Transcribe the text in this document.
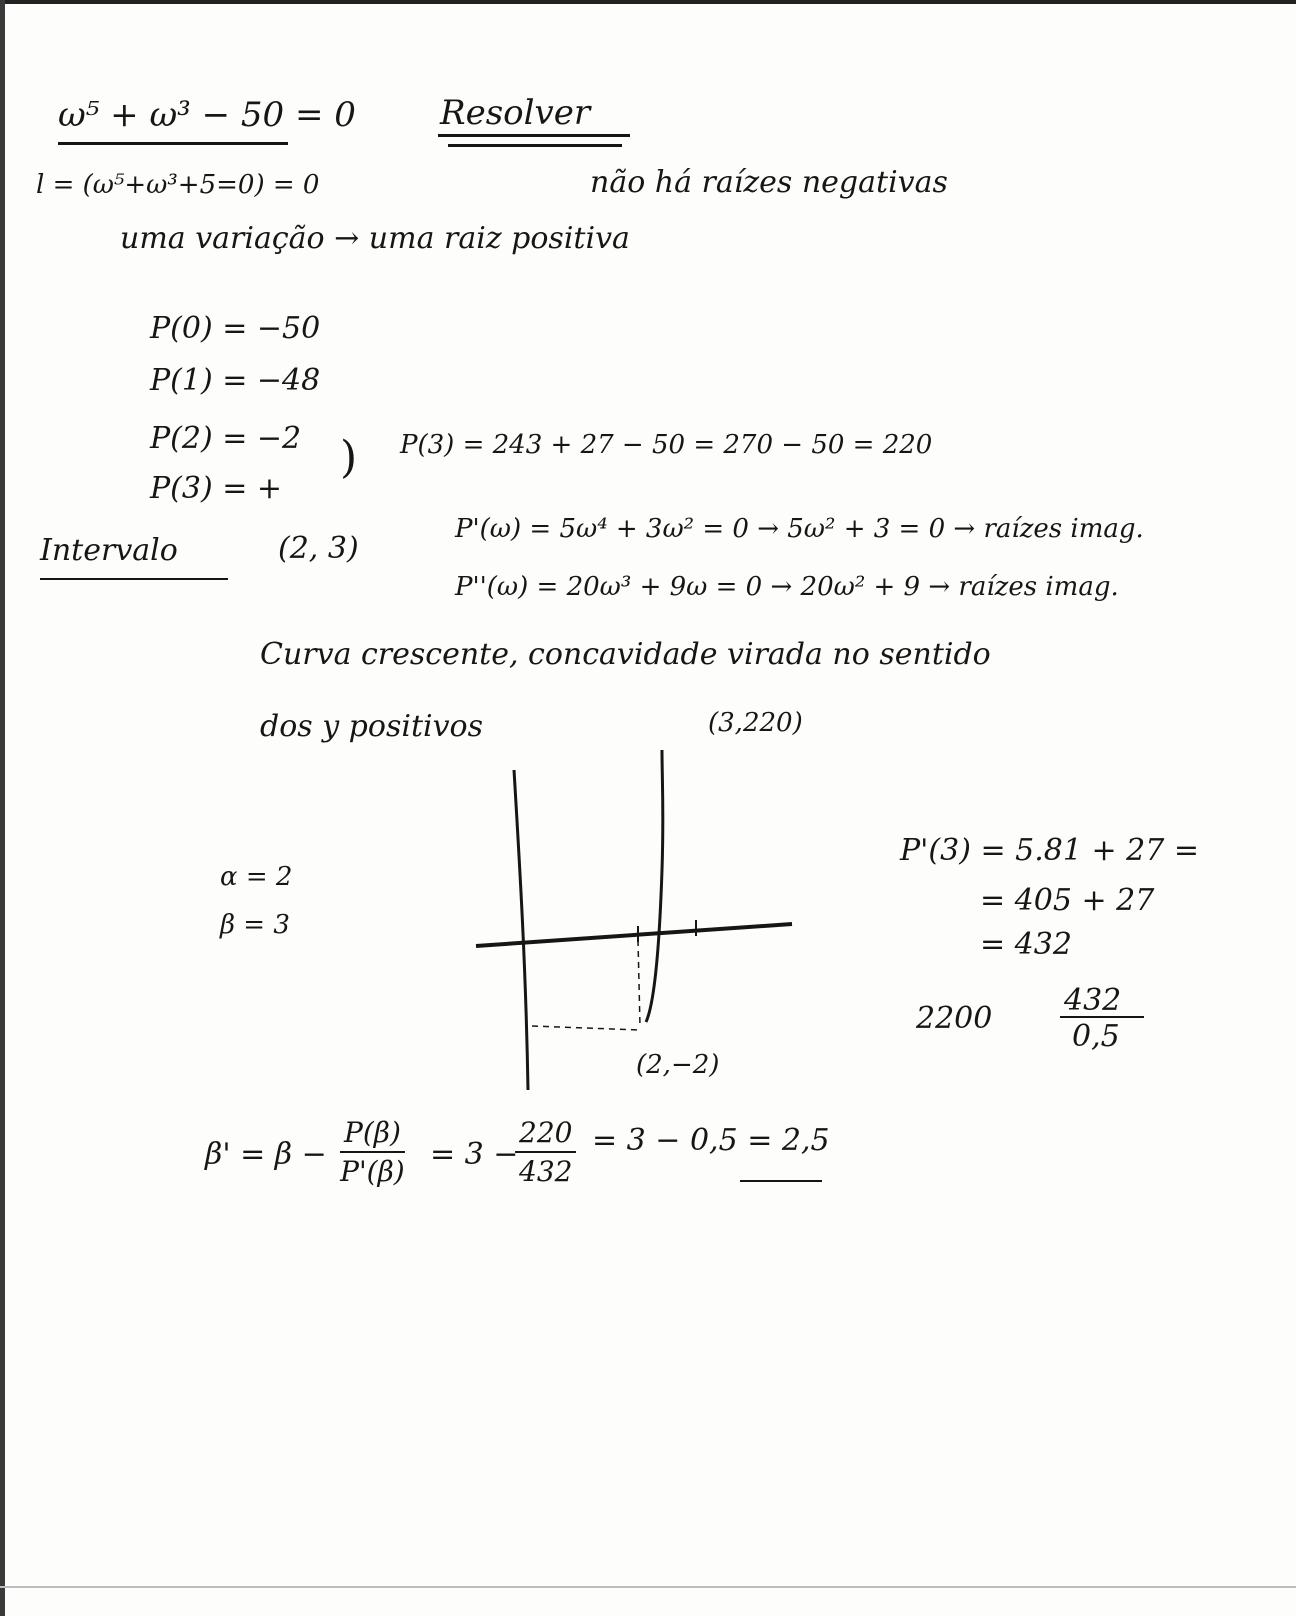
ω⁵ + ω³ − 50 = 0 Resolver
l = (ω⁵+ω³+5=0) = 0	não há raízes negativas
uma variação → uma raiz positiva
P(0) = −50
P(1) = −48
P(2) = −2
P(3) = +
) P(3) = 243 + 27 − 50 = 270 − 50 = 220
Intervalo	(2, 3)
P'(ω) = 5ω⁴ + 3ω² = 0 → 5ω² + 3 = 0 → raízes imag.
P''(ω) = 20ω³ + 9ω = 0 → 20ω² + 9 → raízes imag.
Curva crescente, concavidade virada no sentido
dos y positivos	(3,220)
(2,−2)
α = 2
β = 3
P'(3) = 5.81 + 27 =
= 405 + 27
= 432
2200
432
0,5
$\beta' = \beta - \frac{P(\beta)}{P'(\beta)} = 3$ −
$\frac{220}{432} = 3 - 0,5 = 2,5$
